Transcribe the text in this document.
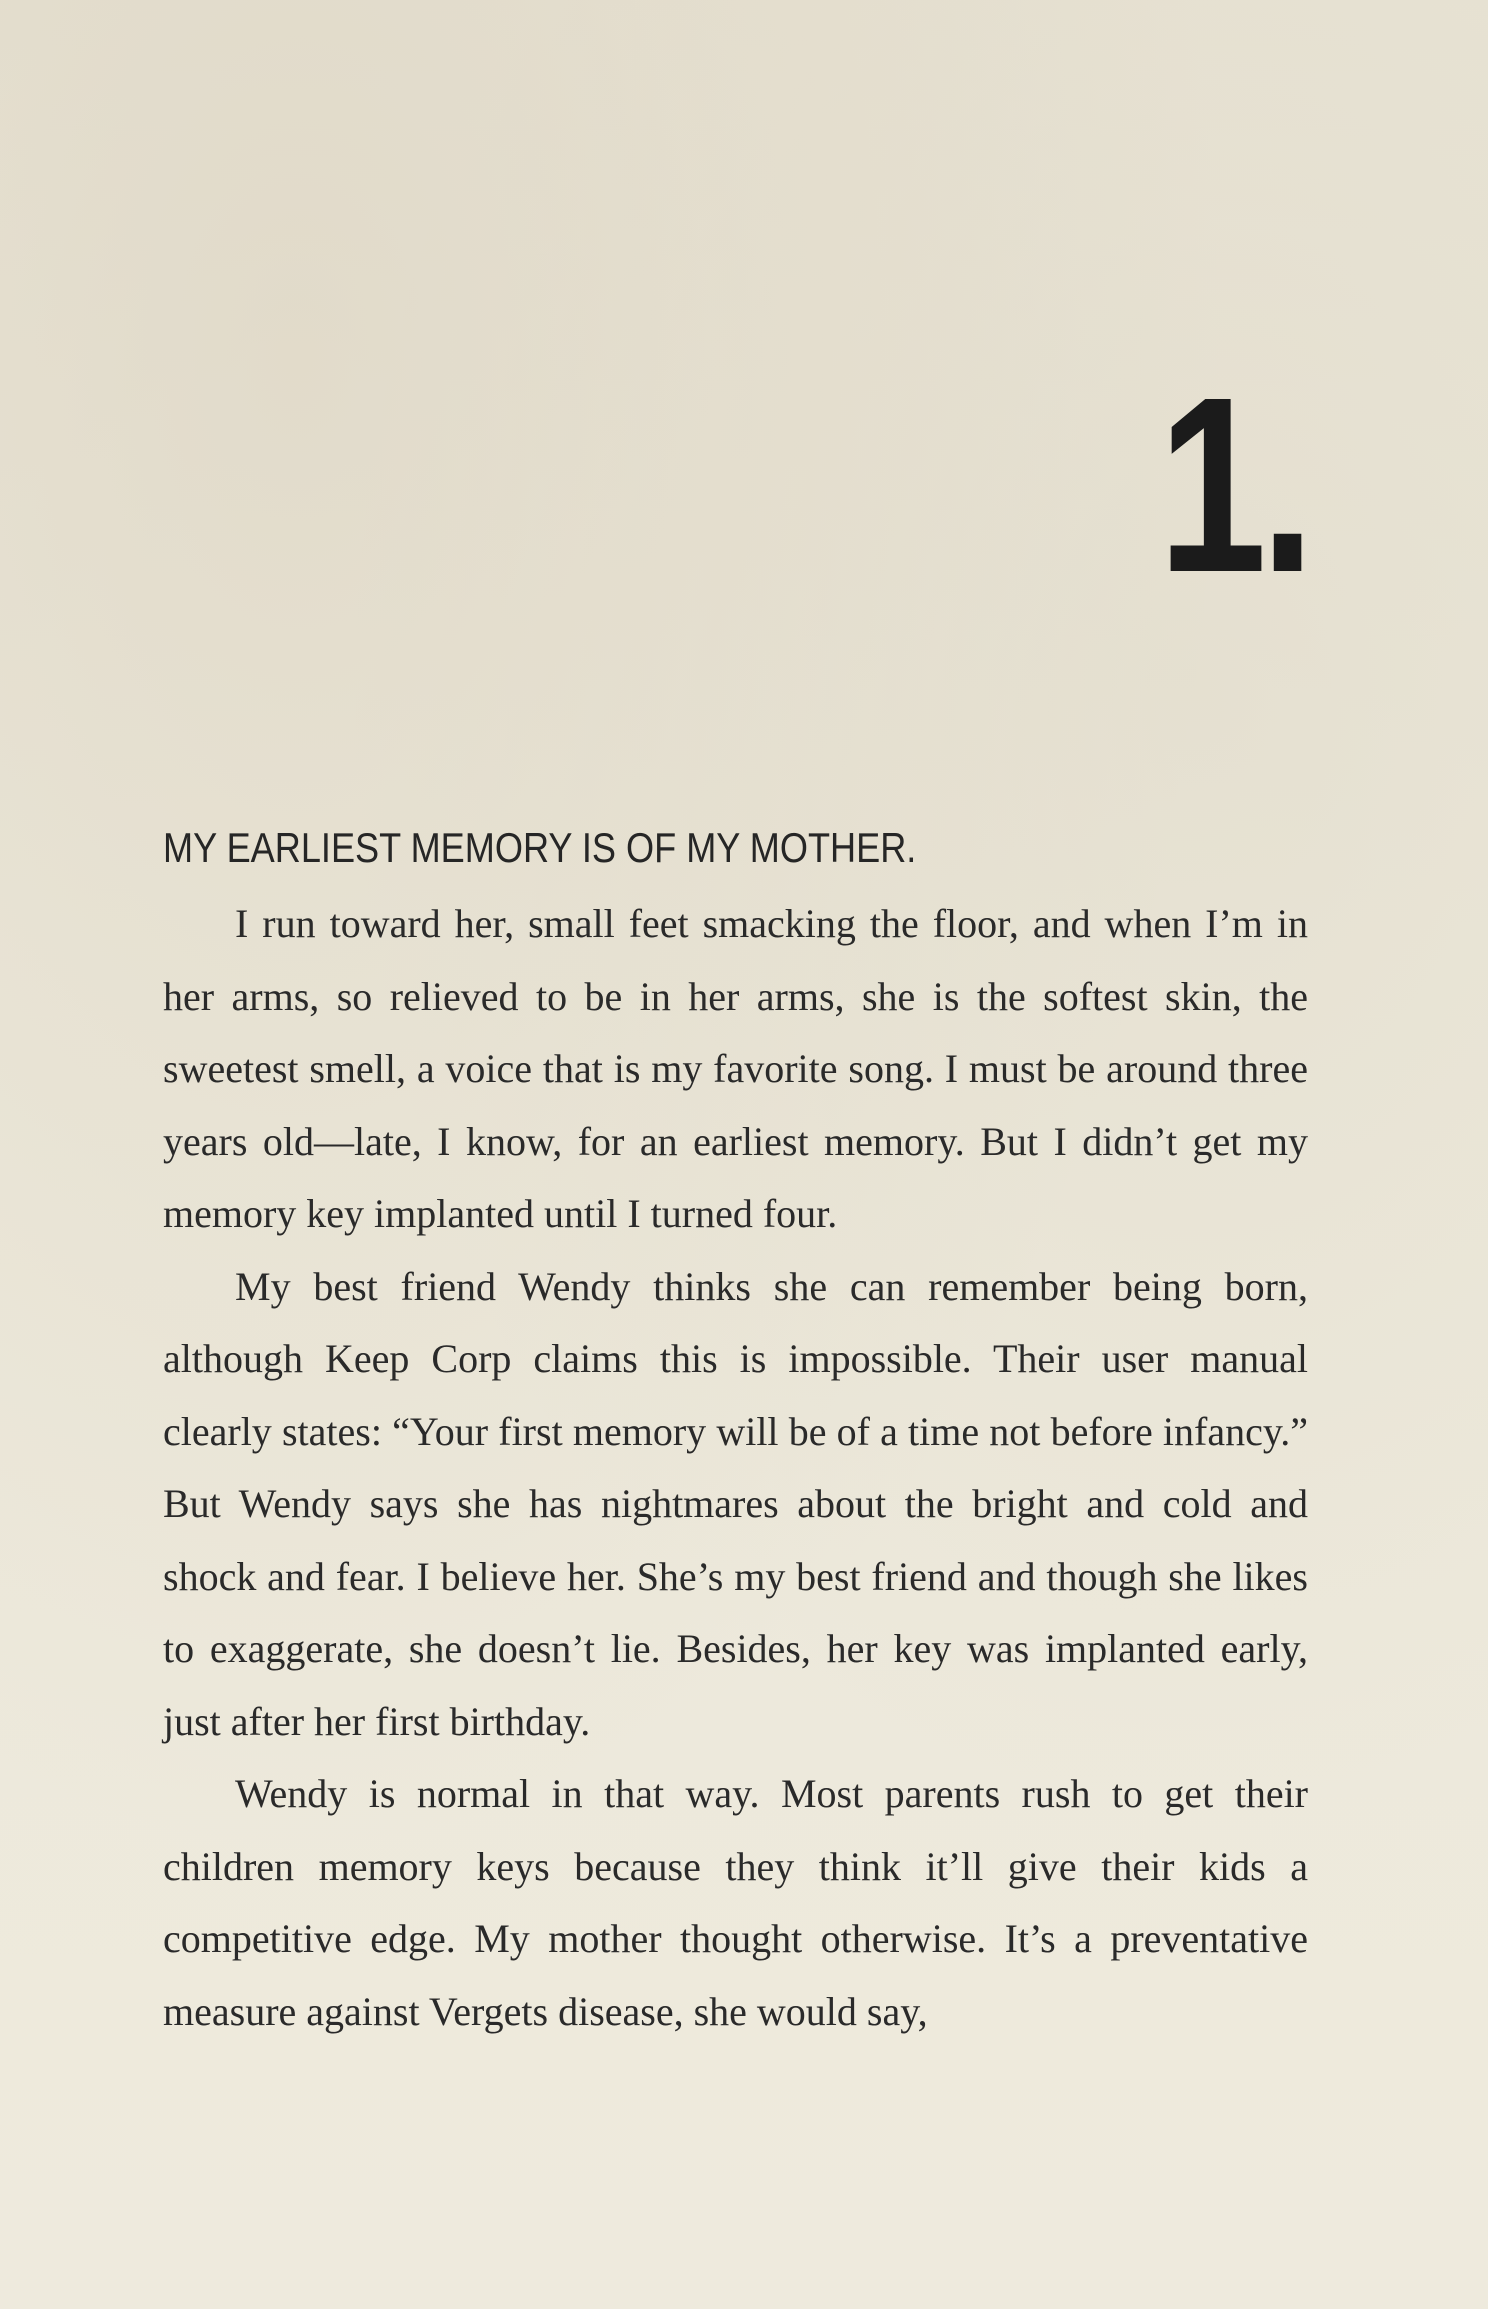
1.

MY EARLIEST MEMORY IS OF MY MOTHER.

I run toward her, small feet smacking the floor, and when I’m in her arms, so relieved to be in her arms, she is the softest skin, the sweetest smell, a voice that is my favorite song. I must be around three years old—late, I know, for an earliest memory. But I didn’t get my memory key implanted until I turned four.

My best friend Wendy thinks she can remember being born, although Keep Corp claims this is impossible. Their user manual clearly states: “Your first memory will be of a time not before infancy.” But Wendy says she has nightmares about the bright and cold and shock and fear. I believe her. She’s my best friend and though she likes to exaggerate, she doesn’t lie. Besides, her key was implanted early, just after her first birthday.

Wendy is normal in that way. Most parents rush to get their children memory keys because they think it’ll give their kids a competitive edge. My mother thought otherwise. It’s a preventative measure against Vergets disease, she would say,
